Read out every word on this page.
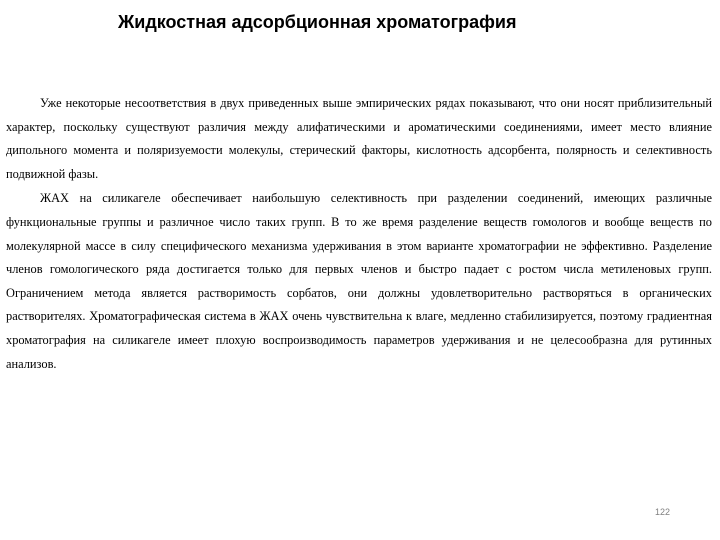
Жидкостная адсорбционная хроматография

Уже некоторые несоответствия в двух приведенных выше эмпирических рядах показывают, что они носят приблизительный характер, поскольку существуют различия между алифатическими и ароматическими соединениями, имеет место влияние дипольного момента и поляризуемости молекулы, стерический факторы, кислотность адсорбента, полярность и селективность подвижной фазы.

ЖАХ на силикагеле обеспечивает наибольшую селективность при разделении соединений, имеющих различные функциональные группы и различное число таких групп. В то же время разделение веществ гомологов и вообще веществ по молекулярной массе в силу специфического механизма удерживания в этом варианте хроматографии не эффективно. Разделение членов гомологического ряда достигается только для первых членов и быстро падает с ростом числа метиленовых групп. Ограничением метода является растворимость сорбатов, они должны удовлетворительно растворяться в органических растворителях. Хроматографическая система в ЖАХ очень чувствительна к влаге, медленно стабилизируется, поэтому градиентная хроматография на силикагеле имеет плохую воспроизводимость параметров удерживания и не целесообразна для рутинных анализов.

122
